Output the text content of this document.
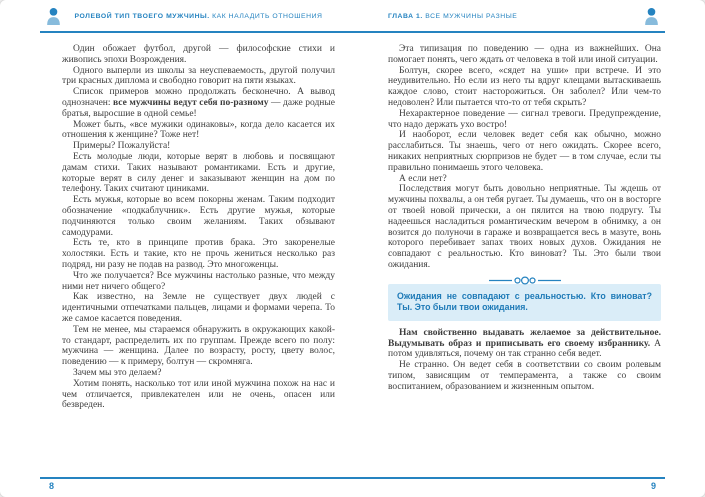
РОЛЕВОЙ ТИП ТВОЕГО МУЖЧИНЫ. КАК НАЛАДИТЬ ОТНОШЕНИЯ	ГЛАВА 1. ВСЕ МУЖЧИНЫ РАЗНЫЕ

Один обожает футбол, другой — философские стихи и живопись эпохи Возрождения.

Одного выперли из школы за неуспеваемость, другой получил три красных диплома и свободно говорит на пяти языках.

Список примеров можно продолжать бесконечно. А вывод однозначен: все мужчины ведут себя по-разному — даже родные братья, выросшие в одной семье!

Может быть, «все мужики одинаковы», когда дело касается их отношения к женщине? Тоже нет!

Примеры? Пожалуйста!

Есть молодые люди, которые верят в любовь и посвящают дамам стихи. Таких называют романтиками. Есть и другие, которые верят в силу денег и заказывают женщин на дом по телефону. Таких считают циниками.

Есть мужья, которые во всем покорны женам. Таким подходит обозначение «подкаблучник». Есть другие мужья, которые подчиняются только своим желаниям. Таких обзывают самодурами.

Есть те, кто в принципе против брака. Это закоренелые холостяки. Есть и такие, кто не прочь жениться несколько раз подряд, ни разу не подав на развод. Это многоженцы.

Что же получается? Все мужчины настолько разные, что между ними нет ничего общего?

Как известно, на Земле не существует двух людей с идентичными отпечатками пальцев, лицами и формами черепа. То же самое касается поведения.

Тем не менее, мы стараемся обнаружить в окружающих какой-то стандарт, распределить их по группам. Прежде всего по полу: мужчина — женщина. Далее по возрасту, росту, цвету волос, поведению — к примеру, болтун — скромняга.

Зачем мы это делаем?

Хотим понять, насколько тот или иной мужчина похож на нас и чем отличается, привлекателен или не очень, опасен или безвреден.

Эта типизация по поведению — одна из важнейших. Она помогает понять, чего ждать от человека в той или иной ситуации.

Болтун, скорее всего, «сядет на уши» при встрече. И это неудивительно. Но если из него ты вдруг клещами вытаскиваешь каждое слово, стоит насторожиться. Он заболел? Или чем-то недоволен? Или пытается что-то от тебя скрыть?

Нехарактерное поведение — сигнал тревоги. Предупреждение, что надо держать ухо востро!

И наоборот, если человек ведет себя как обычно, можно расслабиться. Ты знаешь, чего от него ожидать. Скорее всего, никаких неприятных сюрпризов не будет — в том случае, если ты правильно понимаешь этого человека.

А если нет?

Последствия могут быть довольно неприятные. Ты ждешь от мужчины похвалы, а он тебя ругает. Ты думаешь, что он в восторге от твоей новой прически, а он пялится на твою подругу. Ты надеешься насладиться романтическим вечером в обнимку, а он возится до полуночи в гараже и возвращается весь в мазуте, вонь которого перебивает запах твоих новых духов. Ожидания не совпадают с реальностью. Кто виноват? Ты. Это были твои ожидания.

Ожидания не совпадают с реальностью. Кто виноват? Ты. Это были твои ожидания.

Нам свойственно выдавать желаемое за действительное. Выдумывать образ и приписывать его своему избраннику. А потом удивляться, почему он так странно себя ведет.

Не странно. Он ведет себя в соответствии со своим ролевым типом, зависящим от темперамента, а также со своим воспитанием, образованием и жизненным опытом.

8	9
